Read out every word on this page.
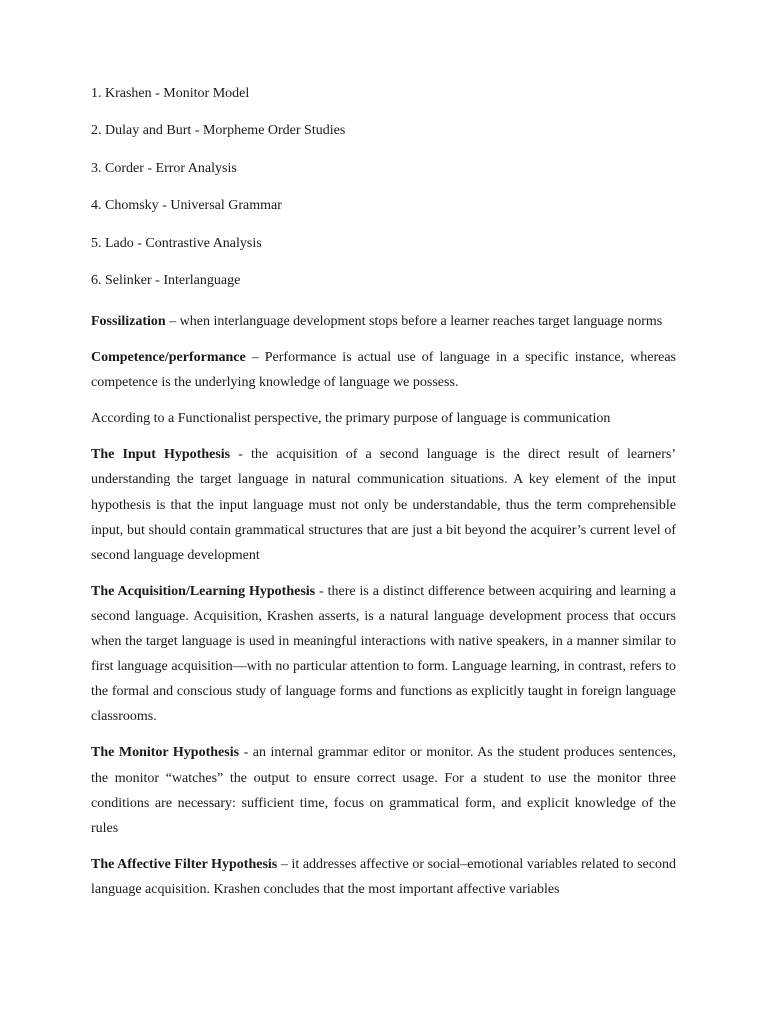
1. Krashen - Monitor Model
2. Dulay and Burt - Morpheme Order Studies
3. Corder - Error Analysis
4. Chomsky - Universal Grammar
5. Lado - Contrastive Analysis
6. Selinker - Interlanguage

Fossilization – when interlanguage development stops before a learner reaches target language norms

Competence/performance – Performance is actual use of language in a specific instance, whereas competence is the underlying knowledge of language we possess.

According to a Functionalist perspective, the primary purpose of language is communication

The Input Hypothesis - the acquisition of a second language is the direct result of learners’ understanding the target language in natural communication situations. A key element of the input hypothesis is that the input language must not only be understandable, thus the term comprehensible input, but should contain grammatical structures that are just a bit beyond the acquirer’s current level of second language development

The Acquisition/Learning Hypothesis - there is a distinct difference between acquiring and learning a second language. Acquisition, Krashen asserts, is a natural language development process that occurs when the target language is used in meaningful interactions with native speakers, in a manner similar to first language acquisition—with no particular attention to form. Language learning, in contrast, refers to the formal and conscious study of language forms and functions as explicitly taught in foreign language classrooms.

The Monitor Hypothesis - an internal grammar editor or monitor. As the student produces sentences, the monitor “watches” the output to ensure correct usage. For a student to use the monitor three conditions are necessary: sufficient time, focus on grammatical form, and explicit knowledge of the rules

The Affective Filter Hypothesis – it addresses affective or social–emotional variables related to second language acquisition. Krashen concludes that the most important affective variables
